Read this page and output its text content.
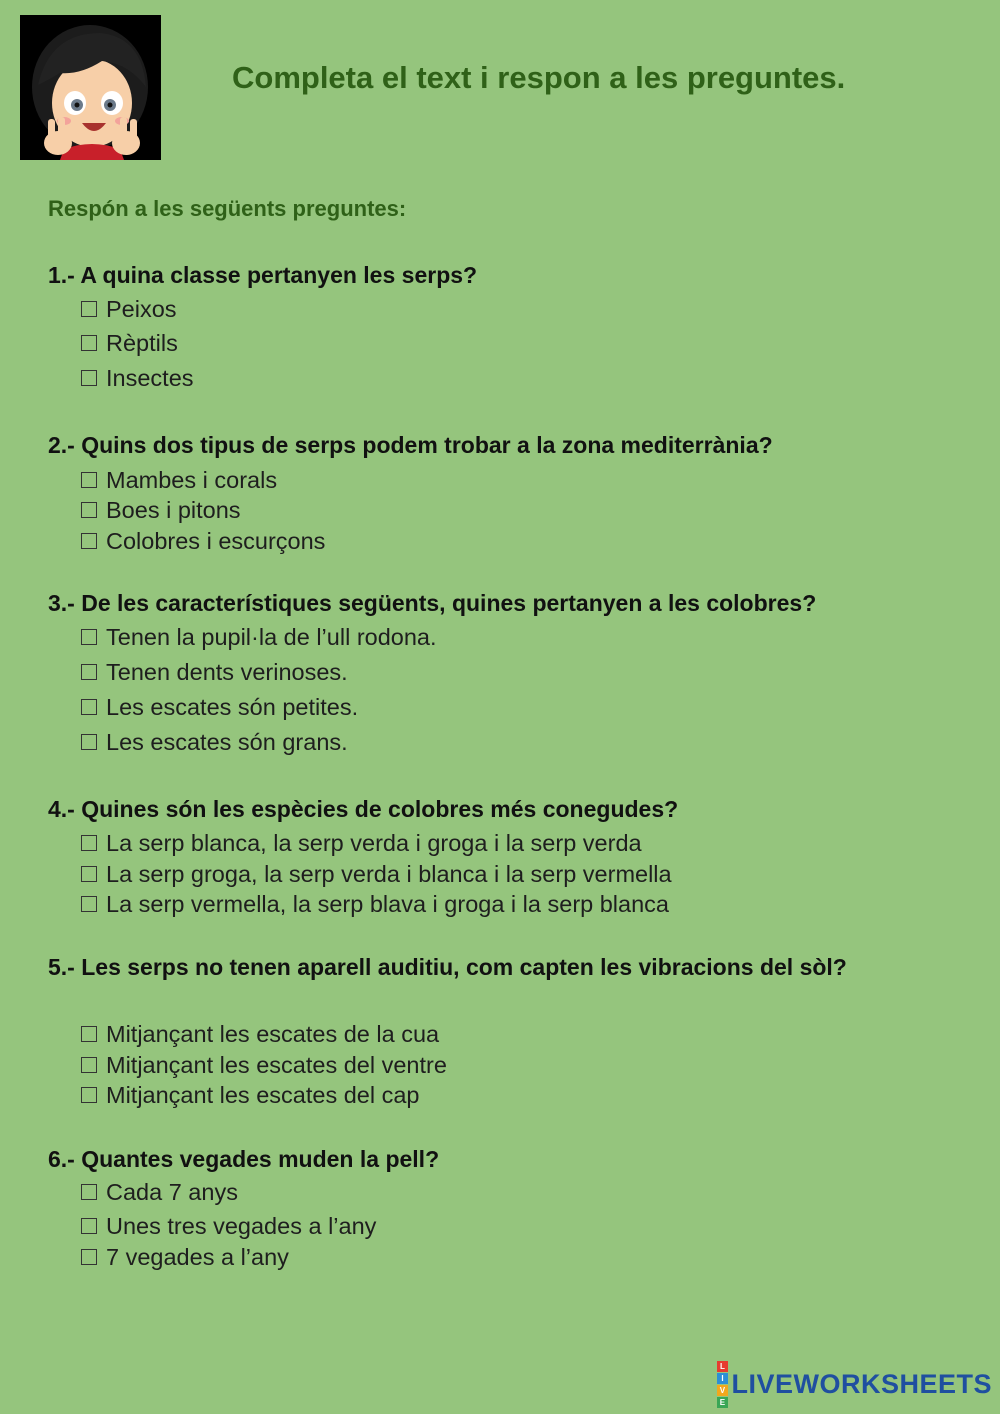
Completa el text i respon a les preguntes.
Respón a les següents preguntes:
1.- A quina classe pertanyen les serps?
Peixos
Rèptils
Insectes
2.- Quins dos tipus de serps podem trobar a la zona mediterrània?
Mambes i corals
Boes i pitons
Colobres i escurçons
3.- De les característiques següents, quines pertanyen a les colobres?
Tenen la pupil·la de l’ull rodona.
Tenen dents verinoses.
Les escates són petites.
Les escates són grans.
4.- Quines són les espècies de colobres més conegudes?
La serp blanca, la serp verda i groga i la serp verda
La serp groga, la serp verda i blanca i la serp vermella
La serp vermella, la serp blava i groga i la serp blanca
5.- Les serps no tenen aparell auditiu, com capten les vibracions del sòl?
Mitjançant les escates de la cua
Mitjançant les escates del ventre
Mitjançant les escates del cap
6.- Quantes vegades muden la pell?
Cada 7 anys
Unes tres vegades a l’any
7 vegades a l’any
L
I
V
E
LIVEWORKSHEETS
